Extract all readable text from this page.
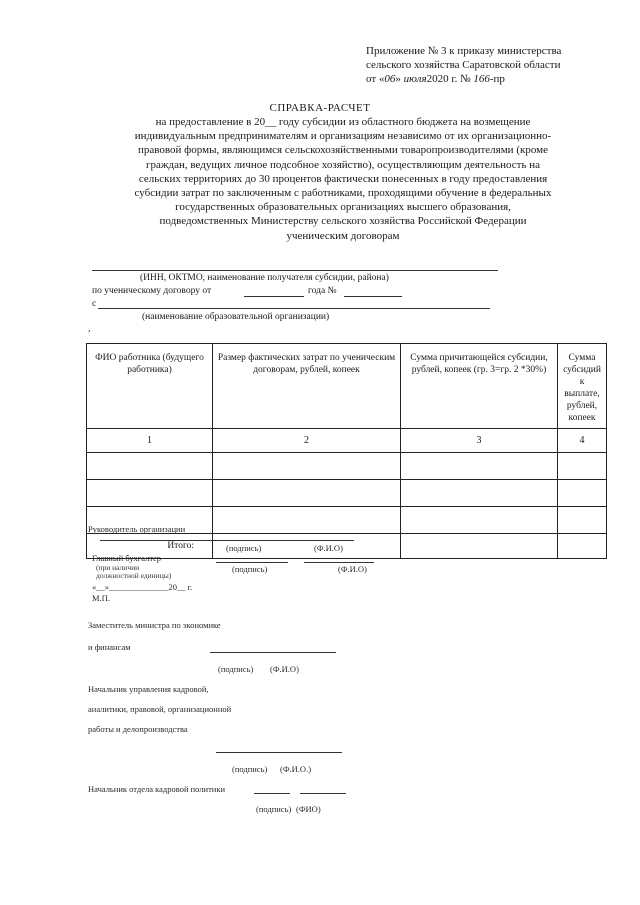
Приложение № 3 к приказу министерства
сельского хозяйства Саратовской области
от «06» июля2020 г. № 166-пр
СПРАВКА-РАСЧЕТ
на предоставление в 20__ году субсидии из областного бюджета на возмещение
индивидуальным предпринимателям и организациям независимо от их организационно-
правовой формы, являющимся сельскохозяйственными товаропроизводителями (кроме
граждан, ведущих личное подсобное хозяйство), осуществляющим деятельность на
сельских территориях до 30 процентов фактически понесенных в году предоставления
субсидии затрат по заключенным с работниками, проходящими обучение в федеральных
государственных образовательных организациях высшего образования,
подведомственных Министерству сельского хозяйства Российской Федерации
ученическим договорам
(ИНН, ОКТМО, наименование получателя субсидии, района)
по ученическому договору от	года №
с
(наименование образовательной организации)
,
ФИО работника (будущего работника)	Размер фактических затрат по ученическим договорам, рублей, копеек	Сумма причитающейся субсидии, рублей, копеек (гр. 3=гр. 2 *30%)	Сумма субсидий к выплате, рублей, копеек
1	2	3	4

Итого:			
Руководитель организации
(подпись)	(Ф.И.О)
Главный бухгалтер
(при наличии должностной единицы)
(подпись)	(Ф.И.О)
«__»______________20__ г.
М.П.
Заместитель министра по экономике
и финансам
(подпись) (Ф.И.О)
Начальник управления кадровой,
аналитики, правовой, организационной
работы и делопроизводства
(подпись) (Ф.И.О.)
Начальник отдела кадровой политики
(подпись) (ФИО)
